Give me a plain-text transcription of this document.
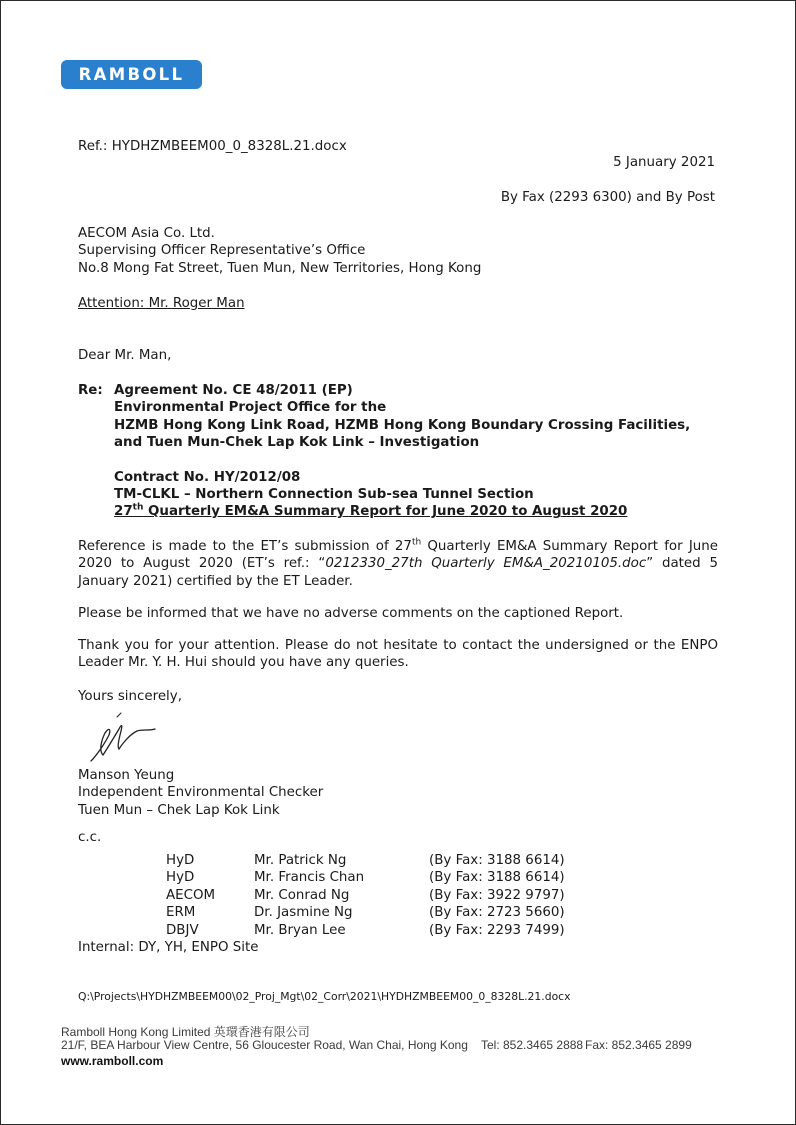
RAMBOLL
Ref.: HYDHZMBEEM00_0_8328L.21.docx
5 January 2021
By Fax (2293 6300) and By Post
AECOM Asia Co. Ltd.
Supervising Officer Representative’s Office
No.8 Mong Fat Street, Tuen Mun, New Territories, Hong Kong
Attention: Mr. Roger Man
Dear Mr. Man,
Re: Agreement No. CE 48/2011 (EP)
Environmental Project Office for the
HZMB Hong Kong Link Road, HZMB Hong Kong Boundary Crossing Facilities,
and Tuen Mun-Chek Lap Kok Link – Investigation
Contract No. HY/2012/08
TM-CLKL – Northern Connection Sub-sea Tunnel Section
27th Quarterly EM&A Summary Report for June 2020 to August 2020
Reference is made to the ET’s submission of 27th Quarterly EM&A Summary Report for June 2020 to August 2020 (ET’s ref.: “0212330_27th Quarterly EM&A_20210105.doc” dated 5 January 2021) certified by the ET Leader.
Please be informed that we have no adverse comments on the captioned Report.
Thank you for your attention. Please do not hesitate to contact the undersigned or the ENPO Leader Mr. Y. H. Hui should you have any queries.
Yours sincerely,
Manson Yeung
Independent Environmental Checker
Tuen Mun – Chek Lap Kok Link
c.c.
HyD	Mr. Patrick Ng	(By Fax: 3188 6614)
HyD	Mr. Francis Chan	(By Fax: 3188 6614)
AECOM	Mr. Conrad Ng	(By Fax: 3922 9797)
ERM	Dr. Jasmine Ng	(By Fax: 2723 5660)
DBJV	Mr. Bryan Lee	(By Fax: 2293 7499)
Internal: DY, YH, ENPO Site
Q:\Projects\HYDHZMBEEM00\02_Proj_Mgt\02_Corr\2021\HYDHZMBEEM00_0_8328L.21.docx
Ramboll Hong Kong Limited 英環香港有限公司
21/F, BEA Harbour View Centre, 56 Gloucester Road, Wan Chai, Hong Kong Tel: 852.3465 2888 Fax: 852.3465 2899
www.ramboll.com
